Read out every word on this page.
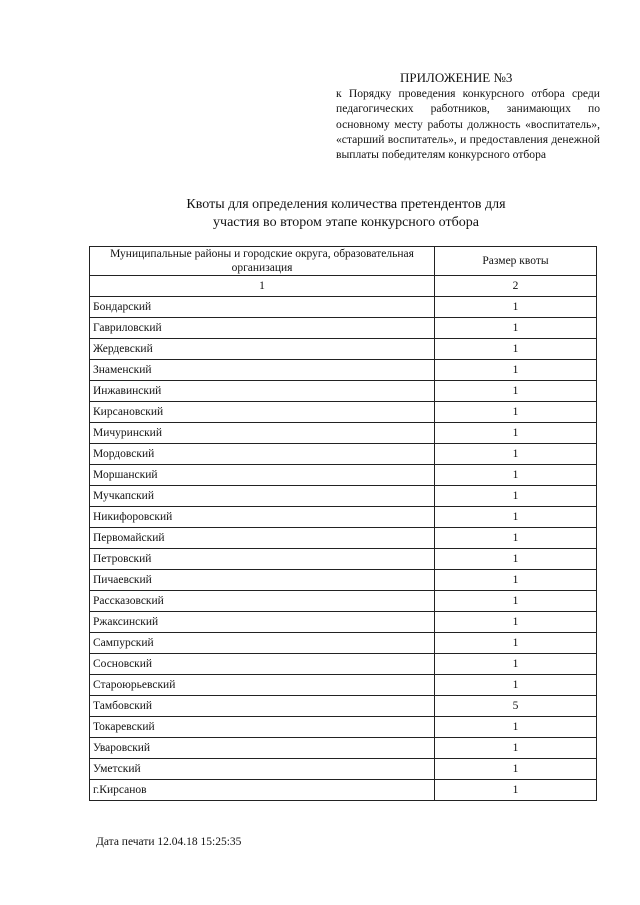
ПРИЛОЖЕНИЕ №3
к Порядку проведения конкурсного отбора среди педагогических работников, занимающих по основному месту работы должность «воспитатель», «старший воспитатель», и предоставления денежной выплаты победителям конкурсного отбора
Квоты для определения количества претендентов для
участия во втором этапе конкурсного отбора
Муниципальные районы и городские округа, образовательная организация	Размер квоты
1	2
Бондарский	1
Гавриловский	1
Жердевский	1
Знаменский	1
Инжавинский	1
Кирсановский	1
Мичуринский	1
Мордовский	1
Моршанский	1
Мучкапский	1
Никифоровский	1
Первомайский	1
Петровский	1
Пичаевский	1
Рассказовский	1
Ржаксинский	1
Сампурский	1
Сосновский	1
Староюрьевский	1
Тамбовский	5
Токаревский	1
Уваровский	1
Уметский	1
г.Кирсанов	1
Дата печати 12.04.18 15:25:35
